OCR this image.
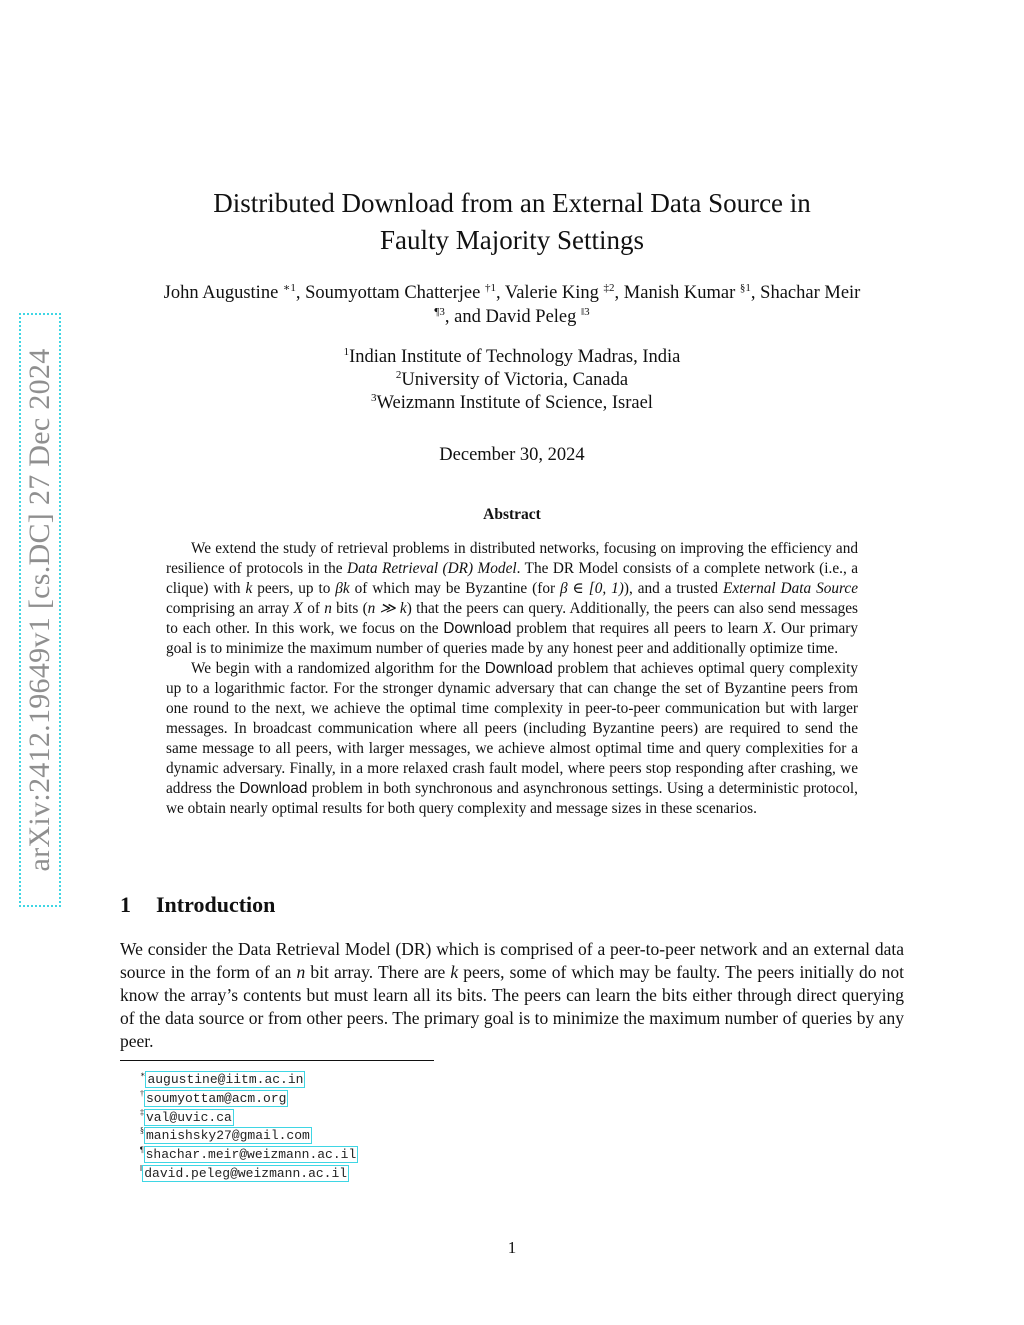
arXiv:2412.19649v1 [cs.DC] 27 Dec 2024
Distributed Download from an External Data Source in
Faulty Majority Settings
John Augustine $^{∗1}$, Soumyottam Chatterjee $^{\dagger 1}$, Valerie King $^{\ddagger 2}$, Manish Kumar $^{\S 1}$, Shachar Meir
$^{\P 3}$, and David Peleg $^{‖3}$
$^1$Indian Institute of Technology Madras, India
$^2$University of Victoria, Canada
$^3$Weizmann Institute of Science, Israel
December 30, 2024
Abstract

We extend the study of retrieval problems in distributed networks, focusing on improving the efficiency and resilience of protocols in the Data Retrieval (DR) Model. The DR Model consists of a complete network (i.e., a clique) with k peers, up to βk of which may be Byzantine (for β ∈ [0, 1)), and a trusted External Data Source comprising an array X of n bits (n ≫ k) that the peers can query. Additionally, the peers can also send messages to each other. In this work, we focus on the Download problem that requires all peers to learn X. Our primary goal is to minimize the maximum number of queries made by any honest peer and additionally optimize time.

We begin with a randomized algorithm for the Download problem that achieves optimal query complexity up to a logarithmic factor. For the stronger dynamic adversary that can change the set of Byzantine peers from one round to the next, we achieve the optimal time complexity in peer-to-peer communication but with larger messages. In broadcast communication where all peers (including Byzantine peers) are required to send the same message to all peers, with larger messages, we achieve almost optimal time and query complexities for a dynamic adversary. Finally, in a more relaxed crash fault model, where peers stop responding after crashing, we address the Download problem in both synchronous and asynchronous settings. Using a deterministic protocol, we obtain nearly optimal results for both query complexity and message sizes in these scenarios.

1 Introduction

We consider the Data Retrieval Model (DR) which is comprised of a peer-to-peer network and an external data source in the form of an n bit array. There are k peers, some of which may be faulty. The peers initially do not know the array’s contents but must learn all its bits. The peers can learn the bits either through direct querying of the data source or from other peers. The primary goal is to minimize the maximum number of queries by any peer.

∗ augustine@iitm.ac.in
† soumyottam@acm.org
‡ val@uvic.ca
§ manishsky27@gmail.com
¶ shachar.meir@weizmann.ac.il
‖ david.peleg@weizmann.ac.il
1
